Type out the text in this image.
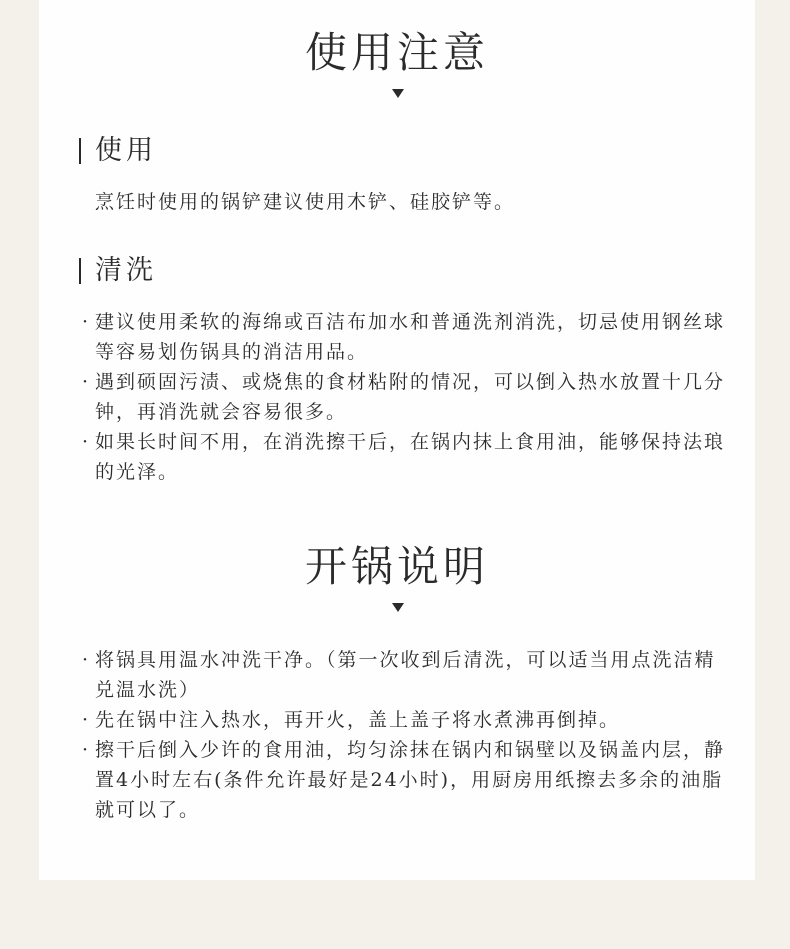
使用注意
使用

烹饪时使用的锅铲建议使用木铲、硅胶铲等。

清洗
· 建议使用柔软的海绵或百洁布加水和普通洗剂消洗，切忌使用钢丝球等容易划伤锅具的消洁用品。
· 遇到硕固污渍、或烧焦的食材粘附的情况，可以倒入热水放置十几分钟，再消洗就会容易很多。
· 如果长时间不用，在消洗擦干后，在锅内抹上食用油，能够保持法琅的光泽。
开锅说明
· 将锅具用温水冲洗干净。（第一次收到后清洗，可以适当用点洗洁精兑温水洗）
· 先在锅中注入热水，再开火，盖上盖子将水煮沸再倒掉。
· 擦干后倒入少许的食用油，均匀涂抹在锅内和锅壁以及锅盖内层，静置4小时左右(条件允许最好是24小时)，用厨房用纸擦去多余的油脂就可以了。
